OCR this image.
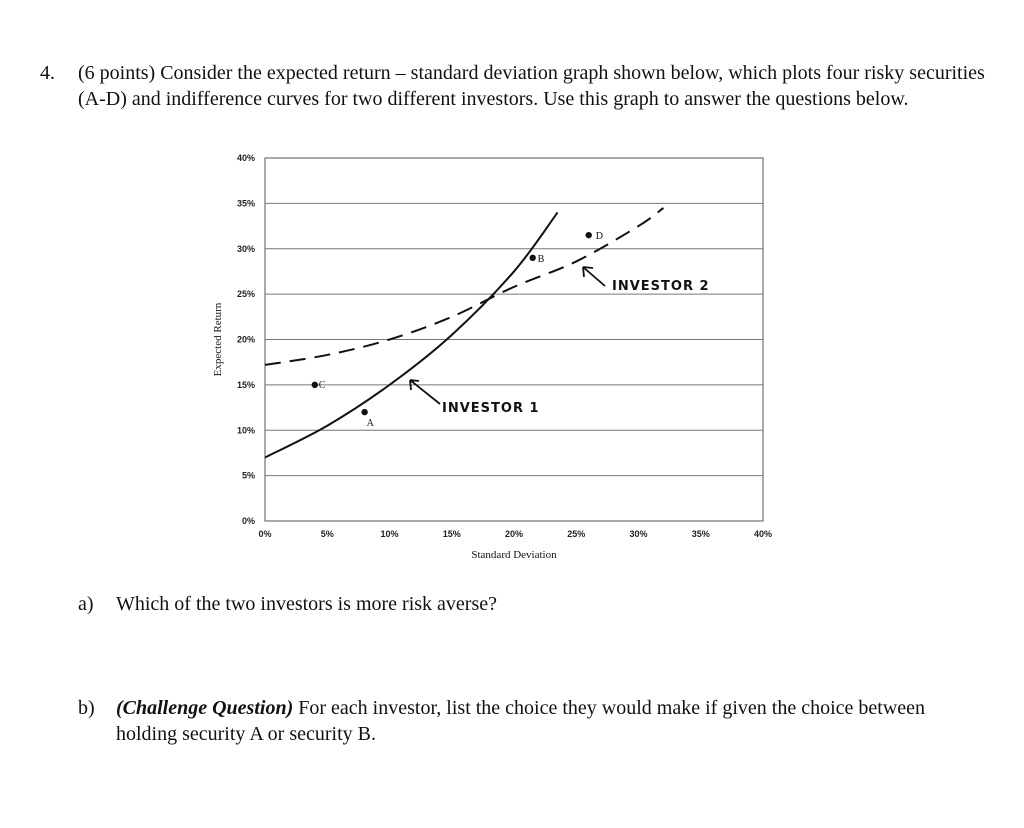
4. (6 points) Consider the expected return – standard deviation graph shown below, which plots four risky securities (A-D) and indifference curves for two different investors. Use this graph to answer the questions below.
0%
5%
10%
15%
20%
25%
30%
35%
40%
0%	5%	10%	15%	20%	25%	30%	35%	40%
Standard Deviation
Expected Return
A
B
C
D
INVESTOR 1
INVESTOR 2
a) Which of the two investors is more risk averse?
b) (Challenge Question) For each investor, list the choice they would make if given the choice between holding security A or security B.
